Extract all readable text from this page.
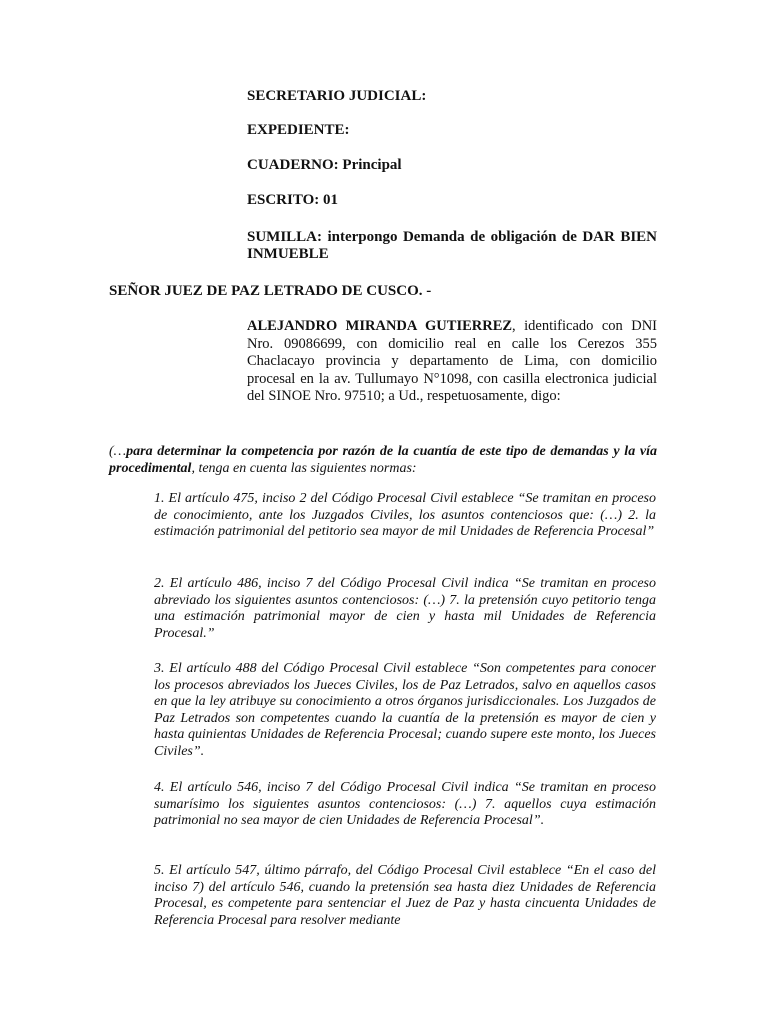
SECRETARIO JUDICIAL:
EXPEDIENTE:
CUADERNO: Principal
ESCRITO: 01
SUMILLA: interpongo Demanda de obligación de DAR BIEN INMUEBLE
SEÑOR JUEZ DE PAZ LETRADO DE CUSCO. -
ALEJANDRO MIRANDA GUTIERREZ, identificado con DNI Nro. 09086699, con domicilio real en calle los Cerezos 355 Chaclacayo provincia y departamento de Lima, con domicilio procesal en la av. Tullumayo N°1098, con casilla electronica judicial del SINOE Nro. 97510; a Ud., respetuosamente, digo:
(…para determinar la competencia por razón de la cuantía de este tipo de demandas y la vía procedimental, tenga en cuenta las siguientes normas:
1. El artículo 475, inciso 2 del Código Procesal Civil establece “Se tramitan en proceso de conocimiento, ante los Juzgados Civiles, los asuntos contenciosos que: (…) 2. la estimación patrimonial del petitorio sea mayor de mil Unidades de Referencia Procesal”
2. El artículo 486, inciso 7 del Código Procesal Civil indica “Se tramitan en proceso abreviado los siguientes asuntos contenciosos: (…) 7. la pretensión cuyo petitorio tenga una estimación patrimonial mayor de cien y hasta mil Unidades de Referencia Procesal.”
3. El artículo 488 del Código Procesal Civil establece “Son competentes para conocer los procesos abreviados los Jueces Civiles, los de Paz Letrados, salvo en aquellos casos en que la ley atribuye su conocimiento a otros órganos jurisdiccionales. Los Juzgados de Paz Letrados son competentes cuando la cuantía de la pretensión es mayor de cien y hasta quinientas Unidades de Referencia Procesal; cuando supere este monto, los Jueces Civiles”.
4. El artículo 546, inciso 7 del Código Procesal Civil indica “Se tramitan en proceso sumarísimo los siguientes asuntos contenciosos: (…) 7. aquellos cuya estimación patrimonial no sea mayor de cien Unidades de Referencia Procesal”.
5. El artículo 547, último párrafo, del Código Procesal Civil establece “En el caso del inciso 7) del artículo 546, cuando la pretensión sea hasta diez Unidades de Referencia Procesal, es competente para sentenciar el Juez de Paz y hasta cincuenta Unidades de Referencia Procesal para resolver mediante
